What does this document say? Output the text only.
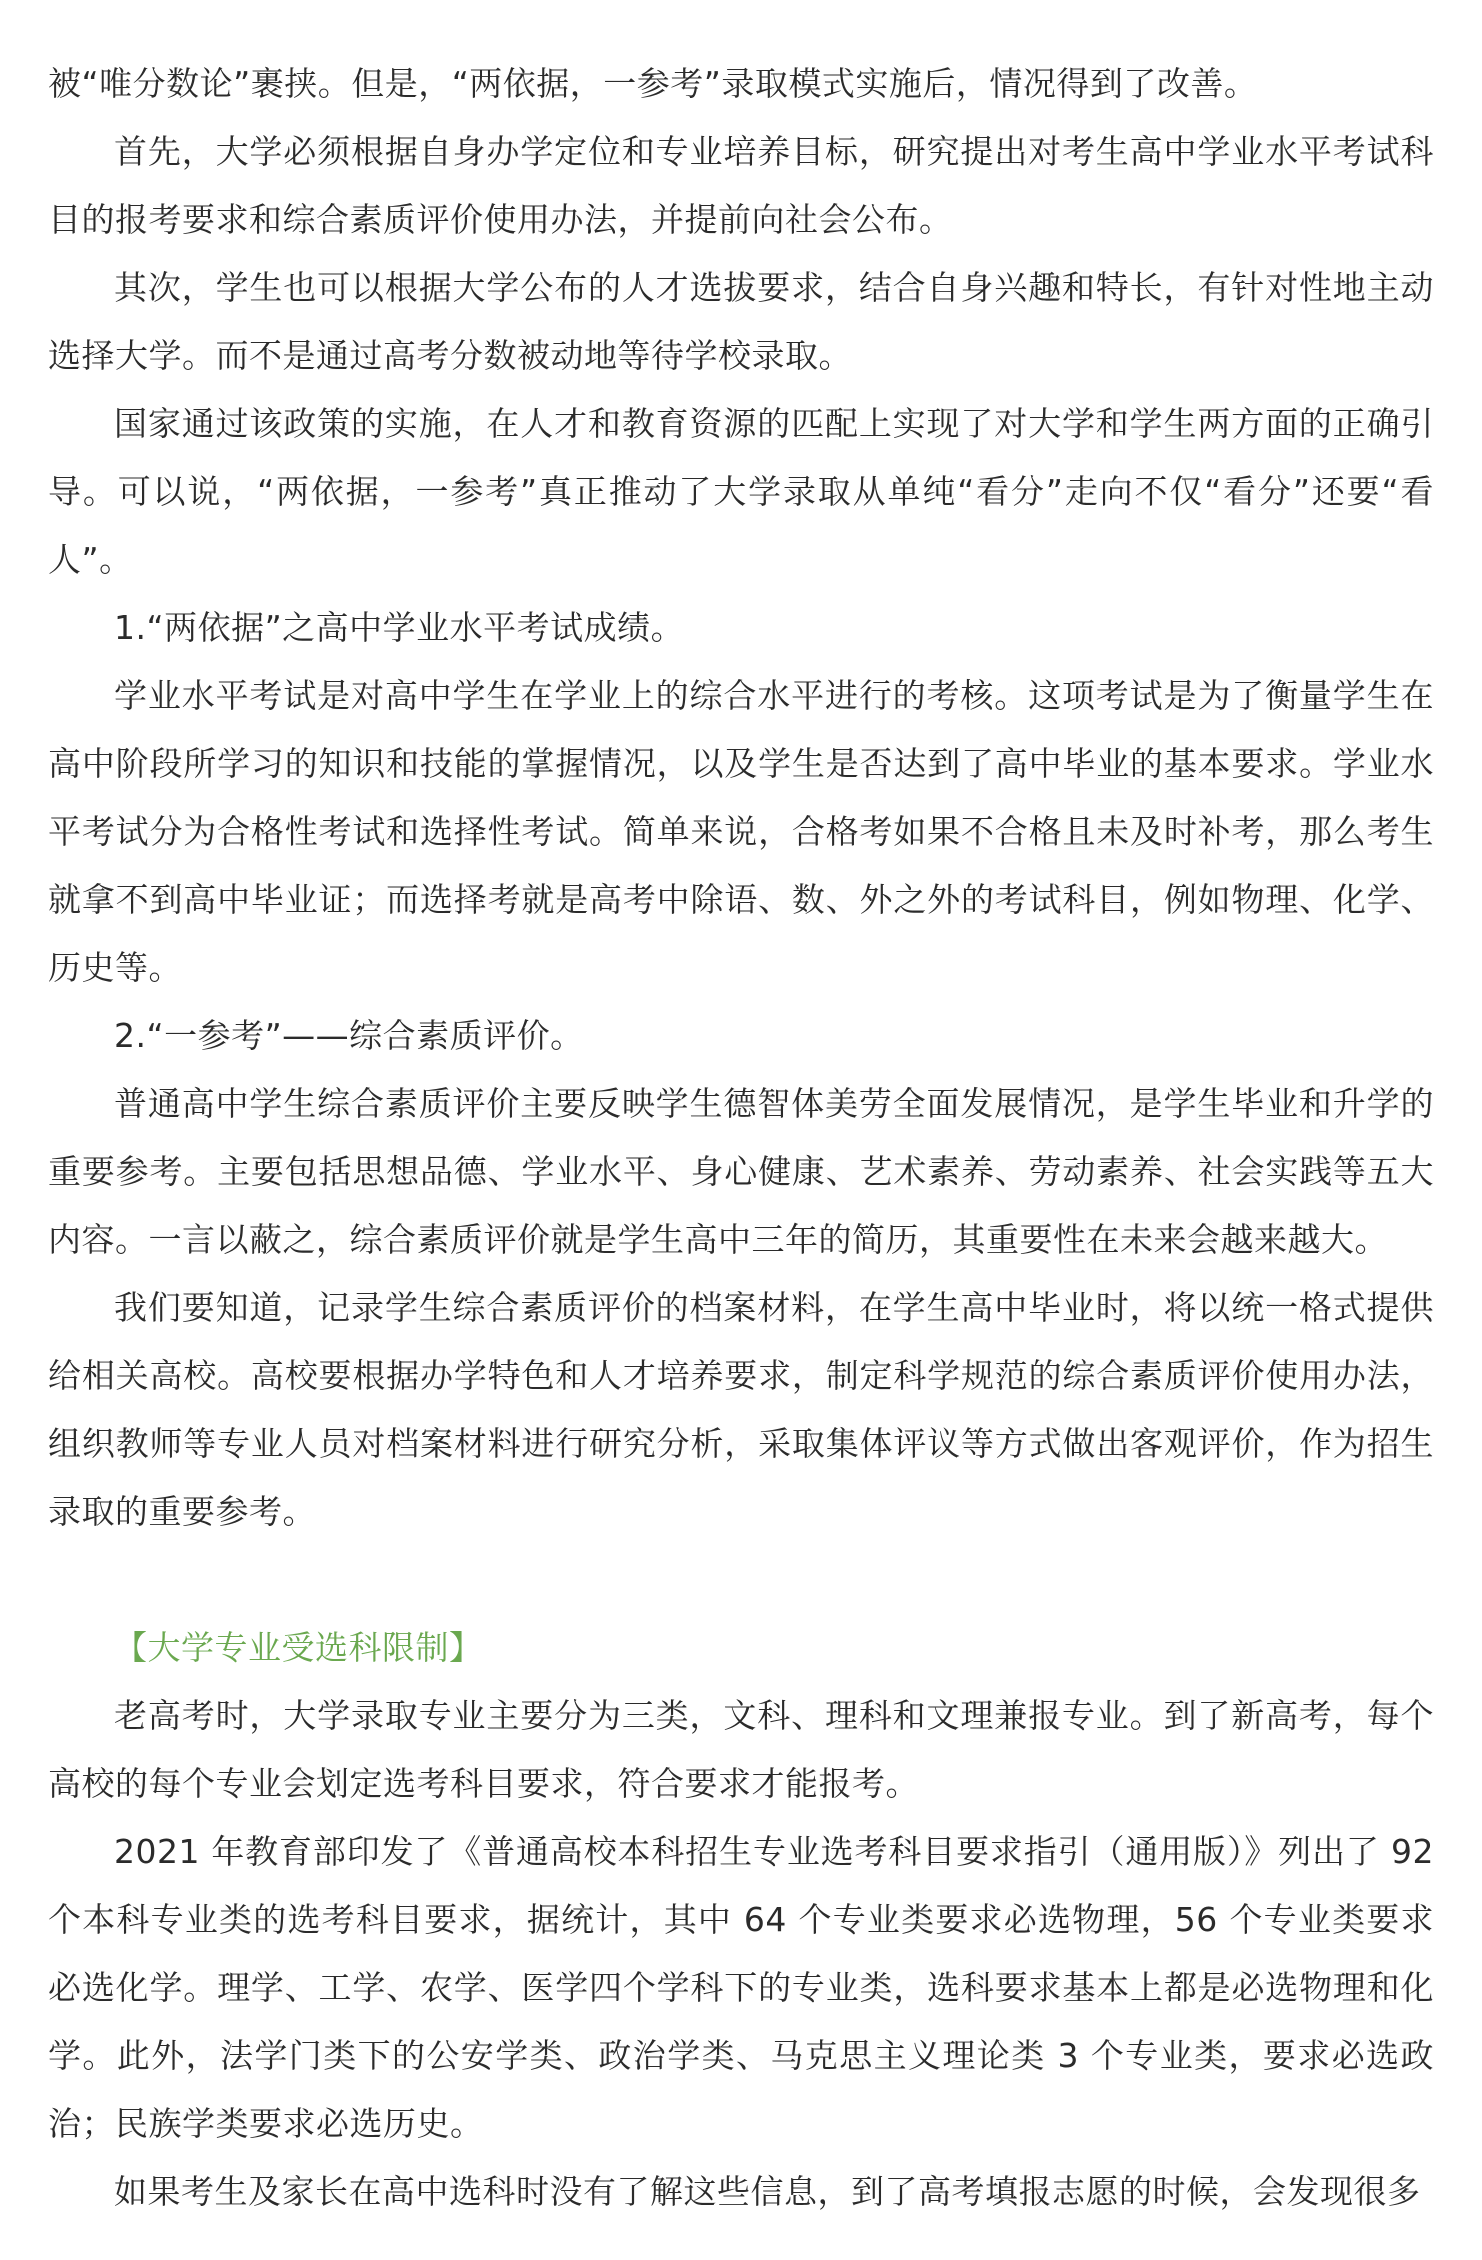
被“唯分数论”裹挟。但是，“两依据，一参考”录取模式实施后，情况得到了改善。

首先，大学必须根据自身办学定位和专业培养目标，研究提出对考生高中学业水平考试科目的报考要求和综合素质评价使用办法，并提前向社会公布。

其次，学生也可以根据大学公布的人才选拔要求，结合自身兴趣和特长，有针对性地主动选择大学。而不是通过高考分数被动地等待学校录取。

国家通过该政策的实施，在人才和教育资源的匹配上实现了对大学和学生两方面的正确引导。可以说，“两依据，一参考”真正推动了大学录取从单纯“看分”走向不仅“看分”还要“看人”。

1.“两依据”之高中学业水平考试成绩。

学业水平考试是对高中学生在学业上的综合水平进行的考核。这项考试是为了衡量学生在高中阶段所学习的知识和技能的掌握情况，以及学生是否达到了高中毕业的基本要求。学业水平考试分为合格性考试和选择性考试。简单来说，合格考如果不合格且未及时补考，那么考生就拿不到高中毕业证；而选择考就是高考中除语、数、外之外的考试科目，例如物理、化学、历史等。

2.“一参考”——综合素质评价。

普通高中学生综合素质评价主要反映学生德智体美劳全面发展情况，是学生毕业和升学的重要参考。主要包括思想品德、学业水平、身心健康、艺术素养、劳动素养、社会实践等五大内容。一言以蔽之，综合素质评价就是学生高中三年的简历，其重要性在未来会越来越大。

我们要知道，记录学生综合素质评价的档案材料，在学生高中毕业时，将以统一格式提供给相关高校。高校要根据办学特色和人才培养要求，制定科学规范的综合素质评价使用办法，组织教师等专业人员对档案材料进行研究分析，采取集体评议等方式做出客观评价，作为招生录取的重要参考。

【大学专业受选科限制】

老高考时，大学录取专业主要分为三类，文科、理科和文理兼报专业。到了新高考，每个高校的每个专业会划定选考科目要求，符合要求才能报考。

2021 年教育部印发了《普通高校本科招生专业选考科目要求指引（通用版）》列出了 92 个本科专业类的选考科目要求，据统计，其中 64 个专业类要求必选物理，56 个专业类要求必选化学。理学、工学、农学、医学四个学科下的专业类，选科要求基本上都是必选物理和化学。此外，法学门类下的公安学类、政治学类、马克思主义理论类 3 个专业类，要求必选政治；民族学类要求必选历史。

如果考生及家长在高中选科时没有了解这些信息，到了高考填报志愿的时候，会发现很多
